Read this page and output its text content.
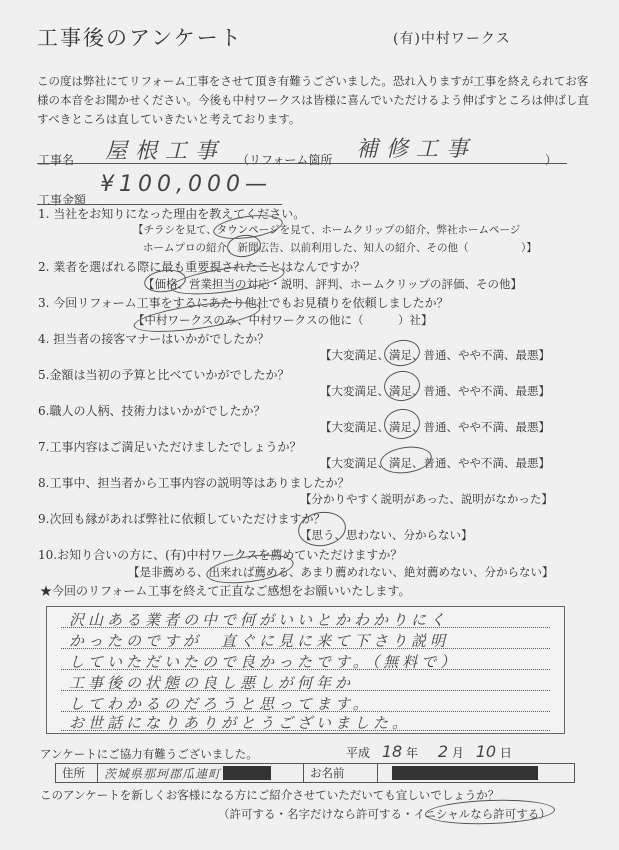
工事後のアンケート	(有)中村ワークス
この度は弊社にてリフォーム工事をさせて頂き有難うございました。恐れ入りますが工事を終えられてお客様の本音をお聞かせください。今後も中村ワークスは皆様に喜んでいただけるよう伸ばすところは伸ばし直すべきところは直していきたいと考えております。
工事名 屋根工事 （リフォーム箇所 補修工事	）
工事金額
¥100,000—
1. 当社をお知りになった理由を教えてください。
【チラシを見て、タウンページを見て、ホームクリップの紹介、弊社ホームページ
ホームプロの紹介、新聞広告、以前利用した、知人の紹介、その他（　　　　　）】
2. 業者を選ばれる際に最も重要視されたことはなんですか？
【価格、営業担当の対応・説明、評判、ホームクリップの評価、その他】
3. 今回リフォーム工事をするにあたり他社でもお見積りを依頼しましたか？
【中村ワークスのみ、中村ワークスの他に（　　　）社】
4. 担当者の接客マナーはいかがでしたか？
【大変満足、満足、普通、やや不満、最悪】
5.金額は当初の予算と比べていかがでしたか？
【大変満足、満足、普通、やや不満、最悪】
6.職人の人柄、技術力はいかがでしたか？
【大変満足、満足、普通、やや不満、最悪】
7.工事内容はご満足いただけましたでしょうか？
【大変満足、満足、普通、やや不満、最悪】
8.工事中、担当者から工事内容の説明等はありましたか？
【分かりやすく説明があった、説明がなかった】
9.次回も縁があれば弊社に依頼していただけますか？
【思う、思わない、分からない】
10.お知り合いの方に、(有)中村ワークスを薦めていただけますか？
【是非薦める、出来れば薦める、あまり薦めれない、絶対薦めない、分からない】
★今回のリフォーム工事を終えて正直なご感想をお願いいたします。
沢山ある業者の中で何がいいとかわかりにく
かったのですが　直ぐに見に来て下さり説明
していただいたので良かったです。（無料で）
工事後の状態の良し悪しが何年か
してわかるのだろうと思ってます。
お世話になりありがとうございました。
アンケートにご協力有難うございました。	平成 18 年 2 月 10 日
住所	茨城県那珂郡瓜連町	お名前
このアンケートを新しくお客様になる方にご紹介させていただいても宜しいでしょうか？
（許可する・名字だけなら許可する・イニシャルなら許可する）
